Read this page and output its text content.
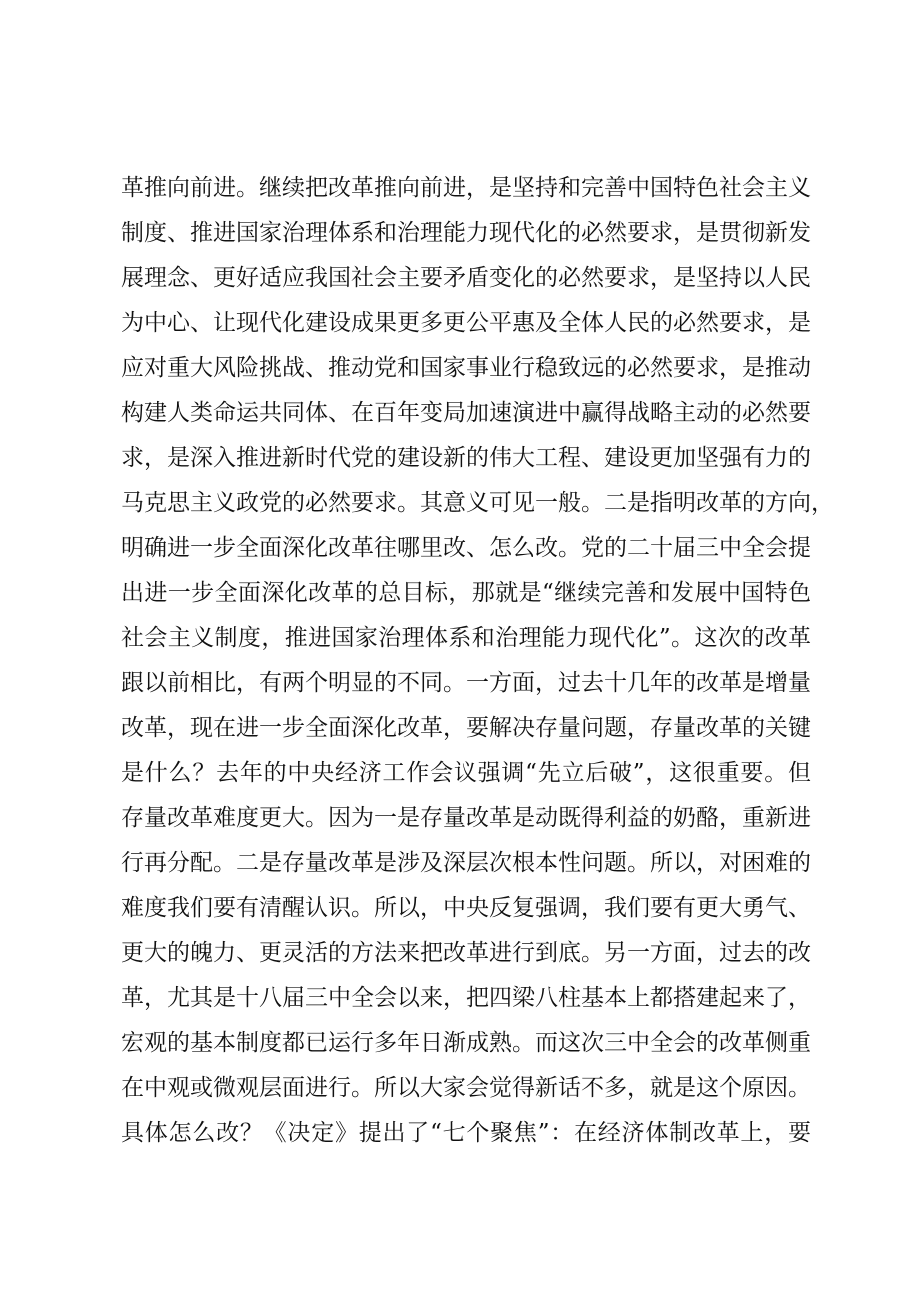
革推向前进。继续把改革推向前进，是坚持和完善中国特色社会主义
制度、推进国家治理体系和治理能力现代化的必然要求，是贯彻新发
展理念、更好适应我国社会主要矛盾变化的必然要求，是坚持以人民
为中心、让现代化建设成果更多更公平惠及全体人民的必然要求，是
应对重大风险挑战、推动党和国家事业行稳致远的必然要求，是推动
构建人类命运共同体、在百年变局加速演进中赢得战略主动的必然要
求，是深入推进新时代党的建设新的伟大工程、建设更加坚强有力的
马克思主义政党的必然要求。其意义可见一般。二是指明改革的方向，
明确进一步全面深化改革往哪里改、怎么改。党的二十届三中全会提
出进一步全面深化改革的总目标，那就是“继续完善和发展中国特色
社会主义制度，推进国家治理体系和治理能力现代化”。这次的改革
跟以前相比，有两个明显的不同。一方面，过去十几年的改革是增量
改革，现在进一步全面深化改革，要解决存量问题，存量改革的关键
是什么？去年的中央经济工作会议强调“先立后破”，这很重要。但
存量改革难度更大。因为一是存量改革是动既得利益的奶酪，重新进
行再分配。二是存量改革是涉及深层次根本性问题。所以，对困难的
难度我们要有清醒认识。所以，中央反复强调，我们要有更大勇气、
更大的魄力、更灵活的方法来把改革进行到底。另一方面，过去的改
革，尤其是十八届三中全会以来，把四梁八柱基本上都搭建起来了，
宏观的基本制度都已运行多年日渐成熟。而这次三中全会的改革侧重
在中观或微观层面进行。所以大家会觉得新话不多，就是这个原因。
具体怎么改？《决定》提出了“七个聚焦”：在经济体制改革上，要
